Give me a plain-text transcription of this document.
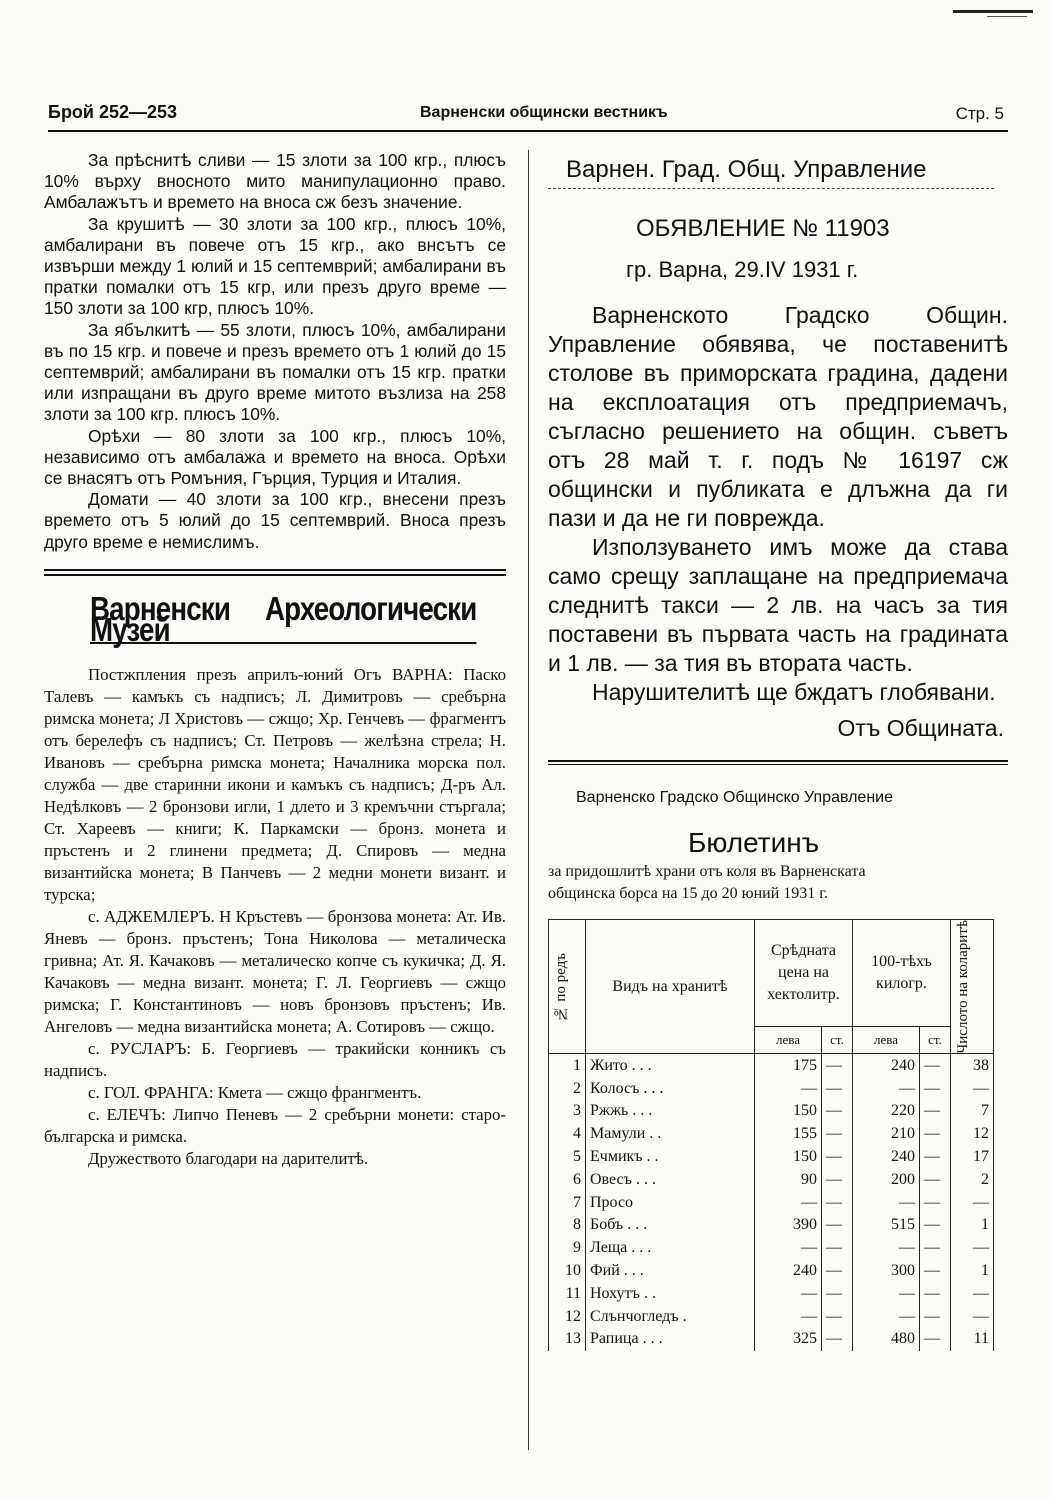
Брой 252—253	Варненски общински вестникъ	Стр. 5

За прѣснитѣ сливи — 15 злоти за 100 кгр., плюсъ 10% върху вносното мито манипулационно право. Амбалажътъ и времето на вноса сж безъ значение.

За крушитѣ — 30 злоти за 100 кгр., плюсъ 10%, амбалирани въ повече отъ 15 кгр., ако внсътъ се извърши между 1 юлий и 15 септемврий; амбалирани въ пратки помалки отъ 15 кгр, или презъ друго време — 150 злоти за 100 кгр, плюсъ 10%.

За ябълкитѣ — 55 злоти, плюсъ 10%, амбалирани въ по 15 кгр. и повече и презъ времето отъ 1 юлий до 15 септемврий; амбалирани въ помалки отъ 15 кгр. пратки или изпращани въ друго време митото възлиза на 258 злоти за 100 кгр. плюсъ 10%.

Орѣхи — 80 злоти за 100 кгр., плюсъ 10%, независимо отъ амбалажа и времето на вноса. Орѣхи се внасятъ отъ Ромъния, Гърция, Турция и Италия.

Домати — 40 злоти за 100 кгр., внесени презъ времето отъ 5 юлий до 15 септемврий. Вноса презъ друго време е немислимъ.

Варненски Археологически Музей

Постжпления презъ априлъ-юний Огъ ВАРНА: Паско Талевъ — камъкъ съ надписъ; Л. Димитровъ — сребърна римска монета; Л Христовъ — сжщо; Хр. Генчевъ — фрагментъ отъ берелефъ съ надписъ; Ст. Петровъ — желѣзна стрела; Н. Ивановъ — сребърна римска монета; Началника морска пол. служба — две старинни икони и камъкъ съ надписъ; Д-ръ Ал. Недѣлковъ — 2 бронзови игли, 1 длето и 3 кремъчни стъргала; Ст. Хареевъ — книги; К. Паркамски — бронз. монета и пръстенъ и 2 глинени предмета; Д. Спировъ — медна византийска монета; В Панчевъ — 2 медни монети визант. и турска;

с. АДЖЕМЛЕРЪ. Н Кръстевъ — бронзова монета: Ат. Ив. Яневъ — бронз. пръстенъ; Тона Николова — металическа гривна; Ат. Я. Качаковъ — металическо копче съ кукичка; Д. Я. Качаковъ — медна визант. монета; Г. Л. Георгиевъ — сжщо римска; Г. Константиновъ — новъ бронзовъ пръстенъ; Ив. Ангеловъ — медна византийска монета; А. Сотировъ — сжщо.

с. РУСЛАРЪ: Б. Георгиевъ — тракийски конникъ съ надписъ.

с. ГОЛ. ФРАНГА: Кмета — сжщо франгментъ.

с. ЕЛЕЧЪ: Липчо Пеневъ — 2 сребърни монети: старо-българска и римска.

Дружеството благодари на дарителитѣ.

Варнен. Град. Общ. Управление
ОБЯВЛЕНИЕ № 11903
гр. Варна, 29.IV 1931 г.

Варненското Градско Общин. Управление обявява, че поставенитѣ столове въ приморската градина, дадени на експлоатация отъ предприемачъ, съгласно решението на общин. съветъ отъ 28 май т. г. подъ № 16197 сж общински и публиката е длъжна да ги пази и да не ги поврежда.

Използуването имъ може да става само срещу заплащане на предприемача следнитѣ такси — 2 лв. на часъ за тия поставени въ първата часть на градината и 1 лв. — за тия въ втората часть.

Нарушителитѣ ще бждатъ глобявани.

Отъ Общината.
Варненско Градско Общинско Управление
Бюлетинъ
за придошлитѣ храни отъ коля въ Варненската
общинска борса на 15 до 20 юний 1931 г.
№ по редъ	Видъ на хранитѣ	Срѣдната цена на хектолитр.		100-тѣхъ килогр.		Числото на коларитѣ

		лева	ст.	лева	ст.	
1	Жито . . .	175	—	240	—	38
2	Колосъ . . .	—	—	—	—	—
3	Ржжь . . .	150	—	220	—	7
4	Мамули . .	155	—	210	—	12
5	Ечмикъ . .	150	—	240	—	17
6	Овесъ . . .	90	—	200	—	2
7	Просо	—	—	—	—	—
8	Бобъ . . .	390	—	515	—	1
9	Леща . . .	—	—	—	—	—
10	Фий . . .	240	—	300	—	1
11	Нохутъ . .	—	—	—	—	—
12	Слънчогледъ .	—	—	—	—	—
13	Рапица . . .	325	—	480	—	11
